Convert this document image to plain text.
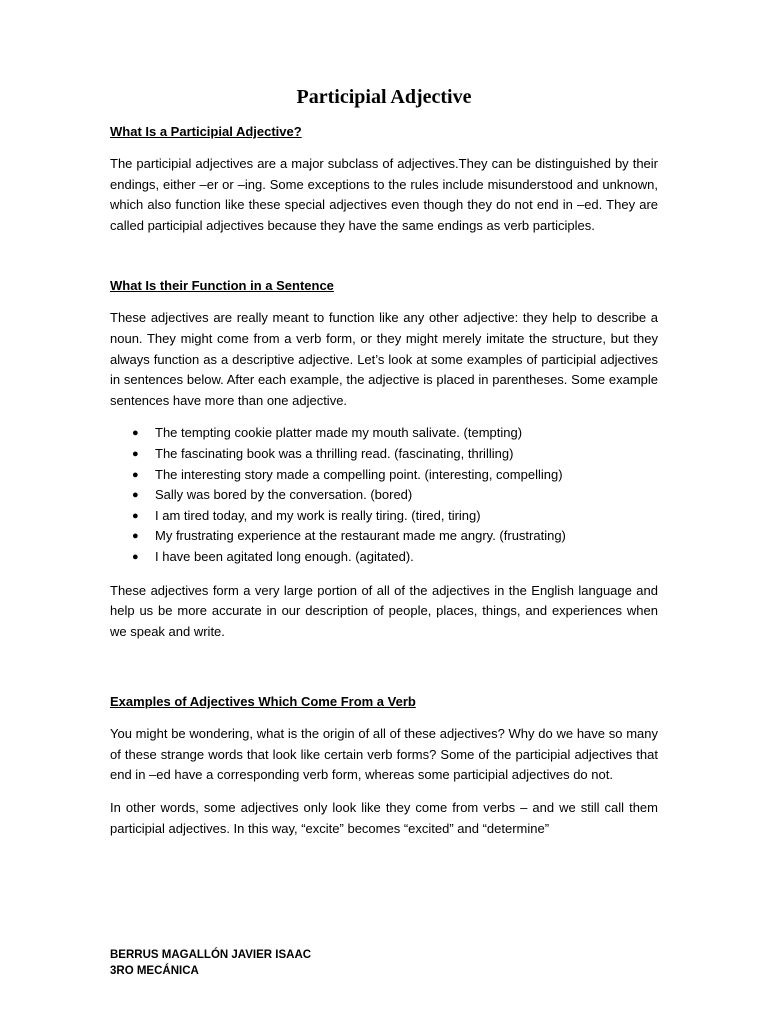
Participial Adjective
What Is a Participial Adjective?

The participial adjectives are a major subclass of adjectives.They can be distinguished by their endings, either –er or –ing. Some exceptions to the rules include misunderstood and unknown, which also function like these special adjectives even though they do not end in –ed. They are called participial adjectives because they have the same endings as verb participles.

What Is their Function in a Sentence

These adjectives are really meant to function like any other adjective: they help to describe a noun. They might come from a verb form, or they might merely imitate the structure, but they always function as a descriptive adjective. Let’s look at some examples of participial adjectives in sentences below. After each example, the adjective is placed in parentheses. Some example sentences have more than one adjective.

● The tempting cookie platter made my mouth salivate. (tempting)
● The fascinating book was a thrilling read. (fascinating, thrilling)
● The interesting story made a compelling point. (interesting, compelling)
● Sally was bored by the conversation. (bored)
● I am tired today, and my work is really tiring. (tired, tiring)
● My frustrating experience at the restaurant made me angry. (frustrating)
● I have been agitated long enough. (agitated).

These adjectives form a very large portion of all of the adjectives in the English language and help us be more accurate in our description of people, places, things, and experiences when we speak and write.

Examples of Adjectives Which Come From a Verb

You might be wondering, what is the origin of all of these adjectives? Why do we have so many of these strange words that look like certain verb forms? Some of the participial adjectives that end in –ed have a corresponding verb form, whereas some participial adjectives do not.

In other words, some adjectives only look like they come from verbs – and we still call them participial adjectives. In this way, “excite” becomes “excited” and “determine”

BERRUS MAGALLÓN JAVIER ISAAC
3RO MECÁNICA
